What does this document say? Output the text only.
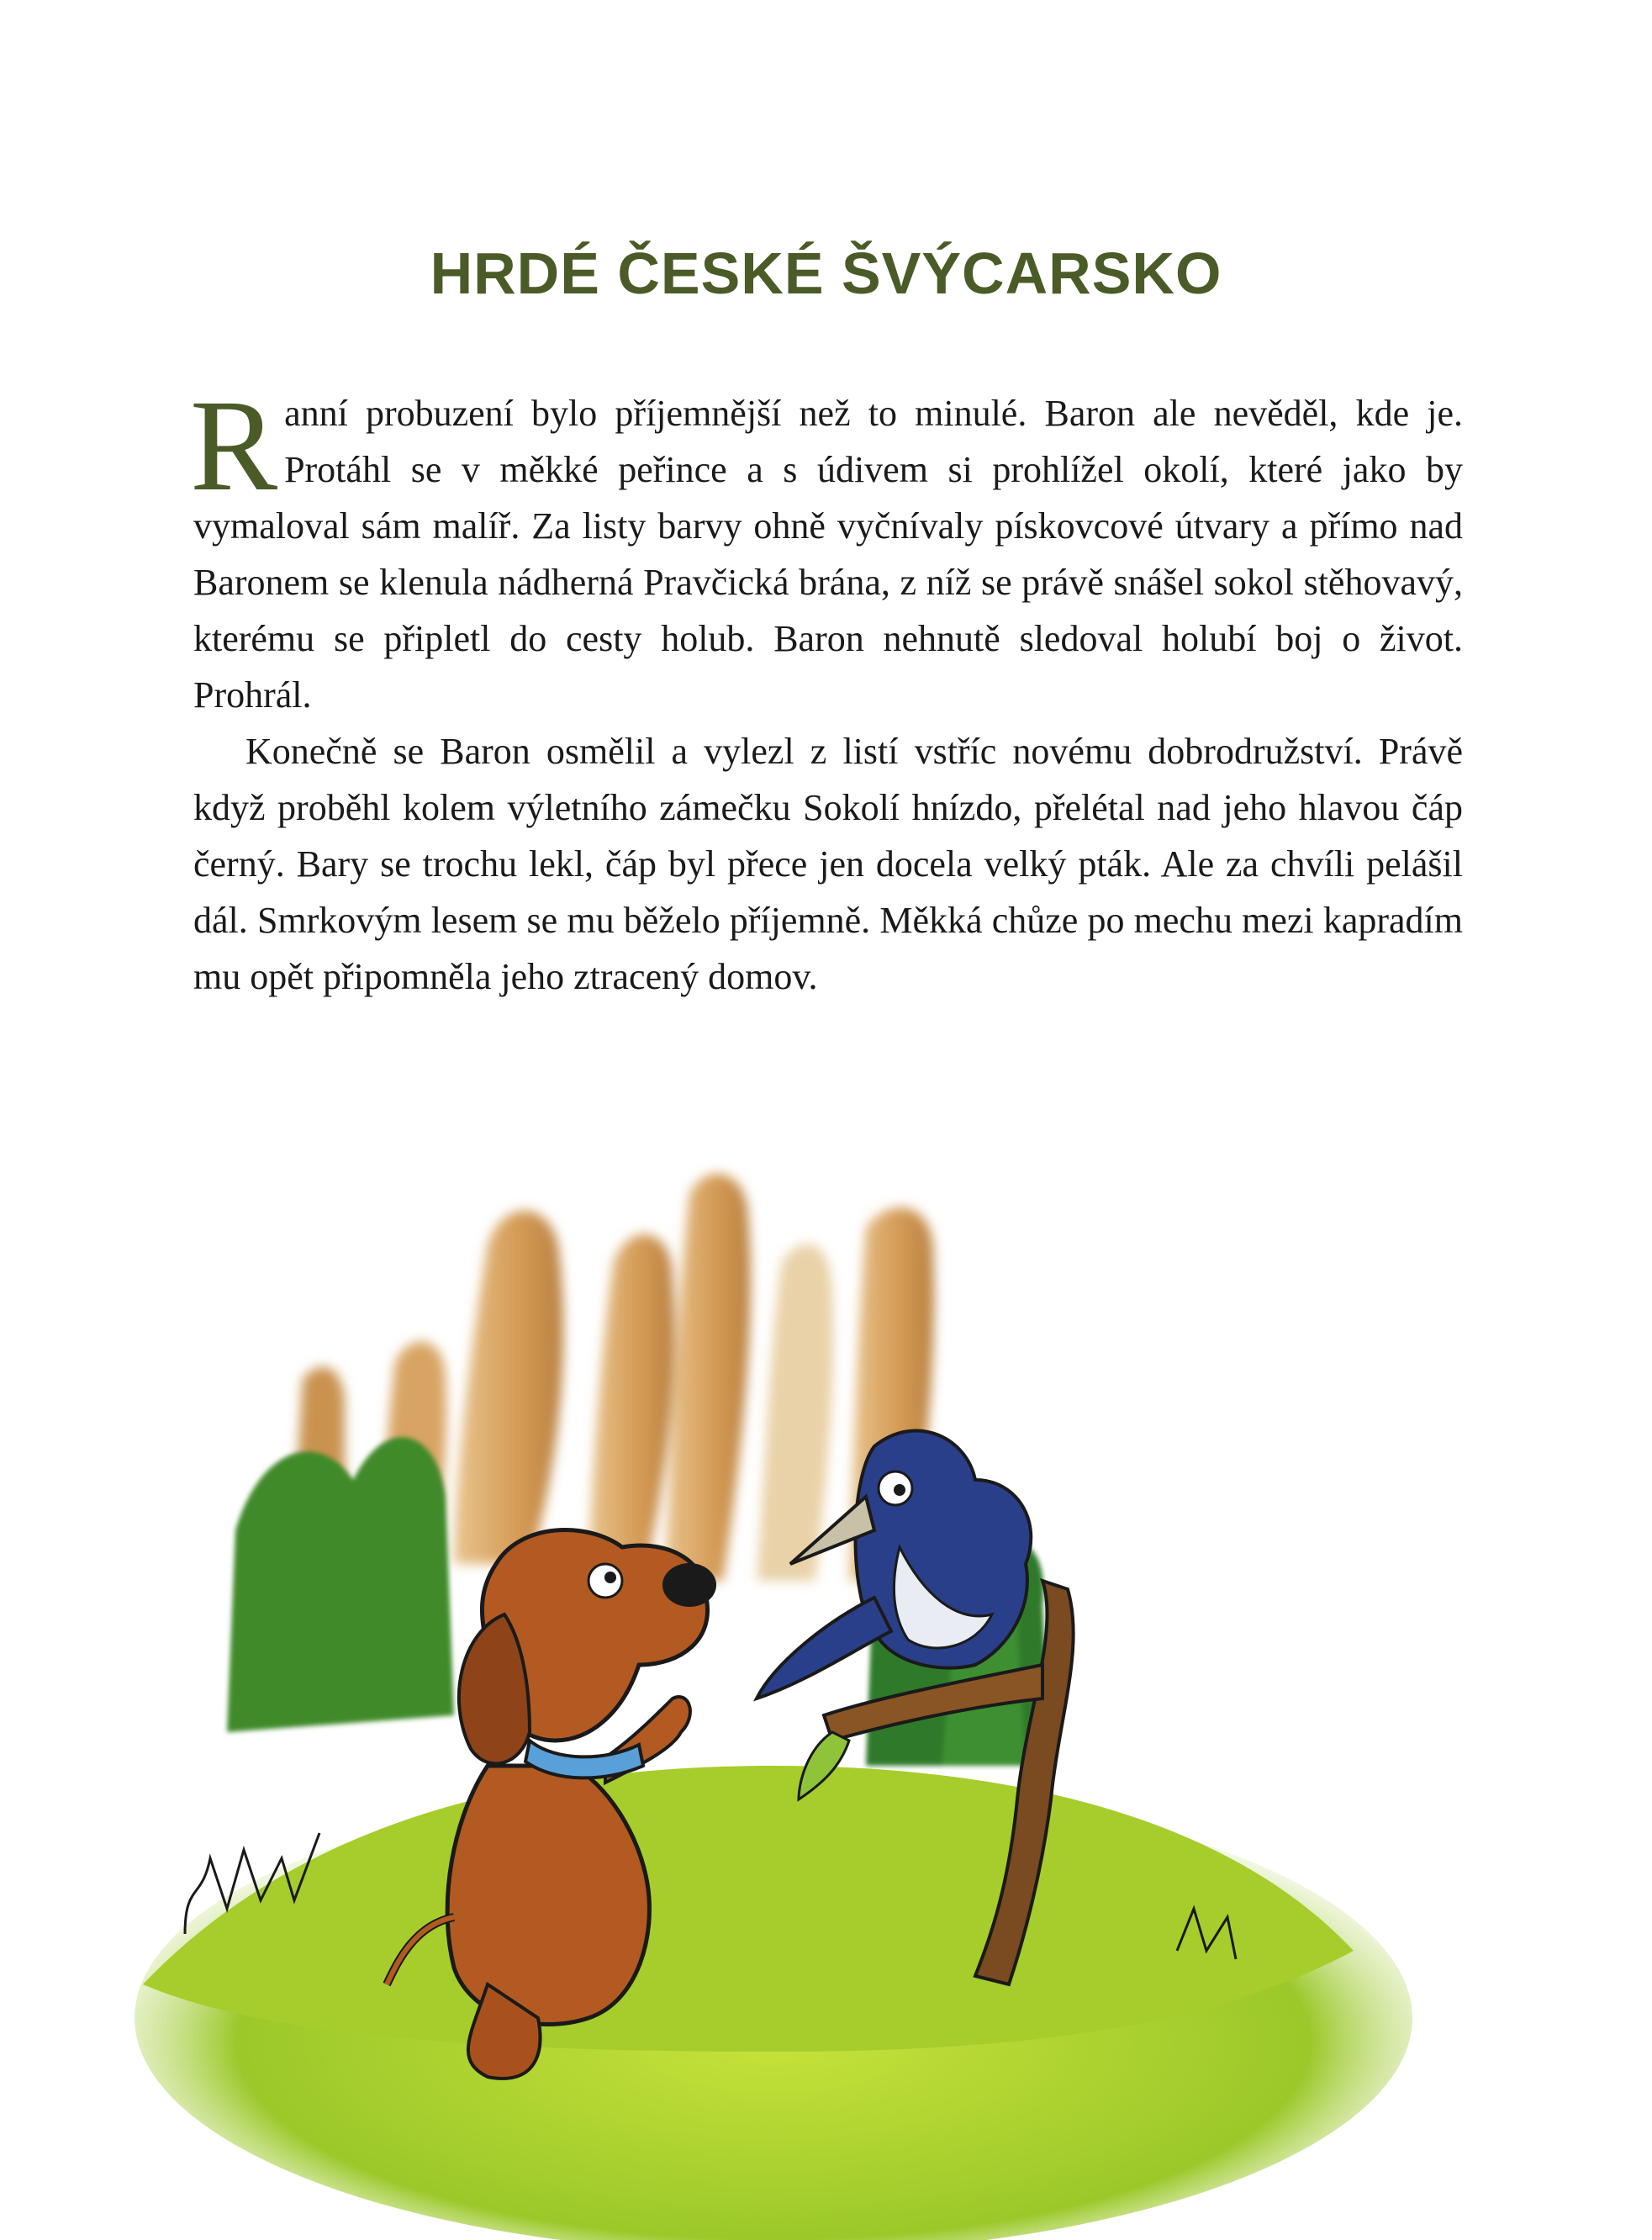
HRDÉ ČESKÉ ŠVÝCARSKO

Ranní probuzení bylo příjemnější než to minulé. Baron ale nevěděl, kde je. Protáhl se v měkké peřince a s údivem si prohlížel okolí, které jako by vymaloval sám malíř. Za listy barvy ohně vyčnívaly pískovcové útvary a přímo nad Baronem se klenula nádherná Pravčická brána, z níž se právě snášel sokol stěhovavý, kterému se připletl do cesty holub. Baron nehnutě sledoval holubí boj o život. Prohrál.

Konečně se Baron osmělil a vylezl z listí vstříc novému dobrodružství. Právě když proběhl kolem výletního zámečku Sokolí hnízdo, přelétal nad jeho hlavou čáp černý. Bary se trochu lekl, čáp byl přece jen docela velký pták. Ale za chvíli pelášil dál. Smrkovým lesem se mu běželo příjemně. Měkká chůze po mechu mezi kapradím mu opět připomněla jeho ztracený domov.
